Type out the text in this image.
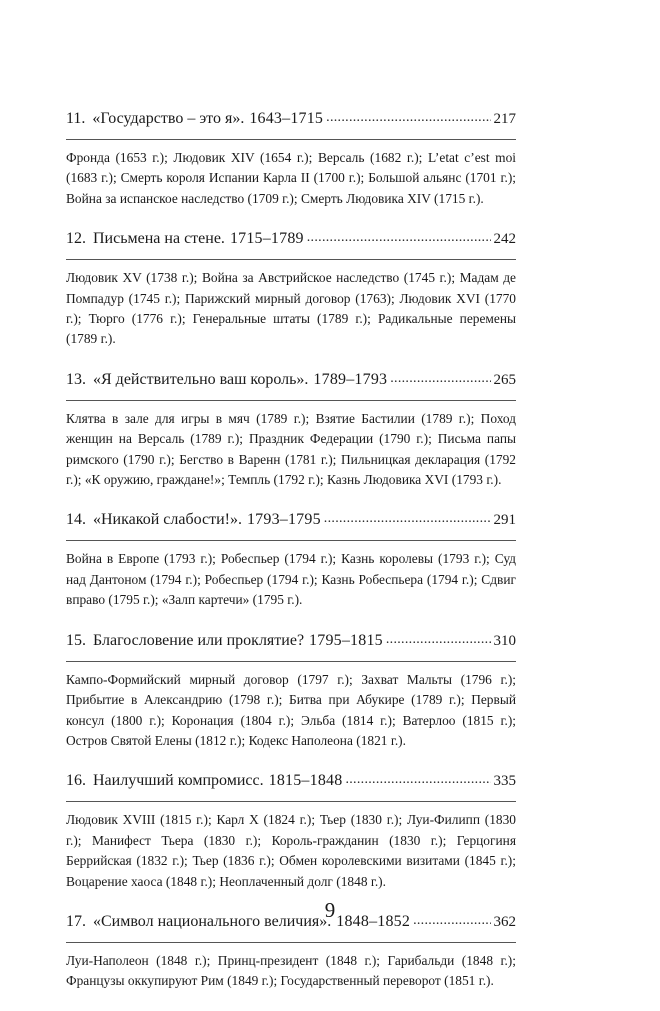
11. «Государство – это я». 1643–1715 . . .	217
Фронда (1653 г.); Людовик XIV (1654 г.); Версаль (1682 г.); L’etat c’est moi (1683 г.); Смерть короля Испании Карла II (1700 г.); Большой альянс (1701 г.); Война за испанское наследство (1709 г.); Смерть Людовика XIV (1715 г.).
12. Письмена на стене. 1715–1789 . . .	242
Людовик XV (1738 г.); Война за Австрийское наследство (1745 г.); Мадам де Помпадур (1745 г.); Парижский мирный договор (1763); Людовик XVI (1770 г.); Тюрго (1776 г.); Генеральные штаты (1789 г.); Радикальные перемены (1789 г.).
13. «Я действительно ваш король». 1789–1793 . . .	265
Клятва в зале для игры в мяч (1789 г.); Взятие Бастилии (1789 г.); Поход женщин на Версаль (1789 г.); Праздник Федерации (1790 г.); Письма папы римского (1790 г.); Бегство в Варенн (1781 г.); Пильницкая декларация (1792 г.); «К оружию, граждане!»; Темпль (1792 г.); Казнь Людовика XVI (1793 г.).
14. «Никакой слабости!». 1793–1795 . . .	291
Война в Европе (1793 г.); Робеспьер (1794 г.); Казнь королевы (1793 г.); Суд над Дантоном (1794 г.); Робеспьер (1794 г.); Казнь Робеспьера (1794 г.); Сдвиг вправо (1795 г.); «Залп картечи» (1795 г.).
15. Благословение или проклятие? 1795–1815 . . .	310
Кампо-Формийский мирный договор (1797 г.); Захват Мальты (1796 г.); Прибытие в Александрию (1798 г.); Битва при Абукире (1789 г.); Первый консул (1800 г.); Коронация (1804 г.); Эльба (1814 г.); Ватерлоо (1815 г.); Остров Святой Елены (1812 г.); Кодекс Наполеона (1821 г.).
16. Наилучший компромисс. 1815–1848 . . .	335
Людовик XVIII (1815 г.); Карл X (1824 г.); Тьер (1830 г.); Луи-Филипп (1830 г.); Манифест Тьера (1830 г.); Король-гражданин (1830 г.); Герцогиня Беррийская (1832 г.); Тьер (1836 г.); Обмен королевскими визитами (1845 г.); Воцарение хаоса (1848 г.); Неоплаченный долг (1848 г.).
17. «Символ национального величия». 1848–1852 . . .	362
Луи-Наполеон (1848 г.); Принц-президент (1848 г.); Гарибальди (1848 г.); Французы оккупируют Рим (1849 г.); Государственный переворот (1851 г.).
9
